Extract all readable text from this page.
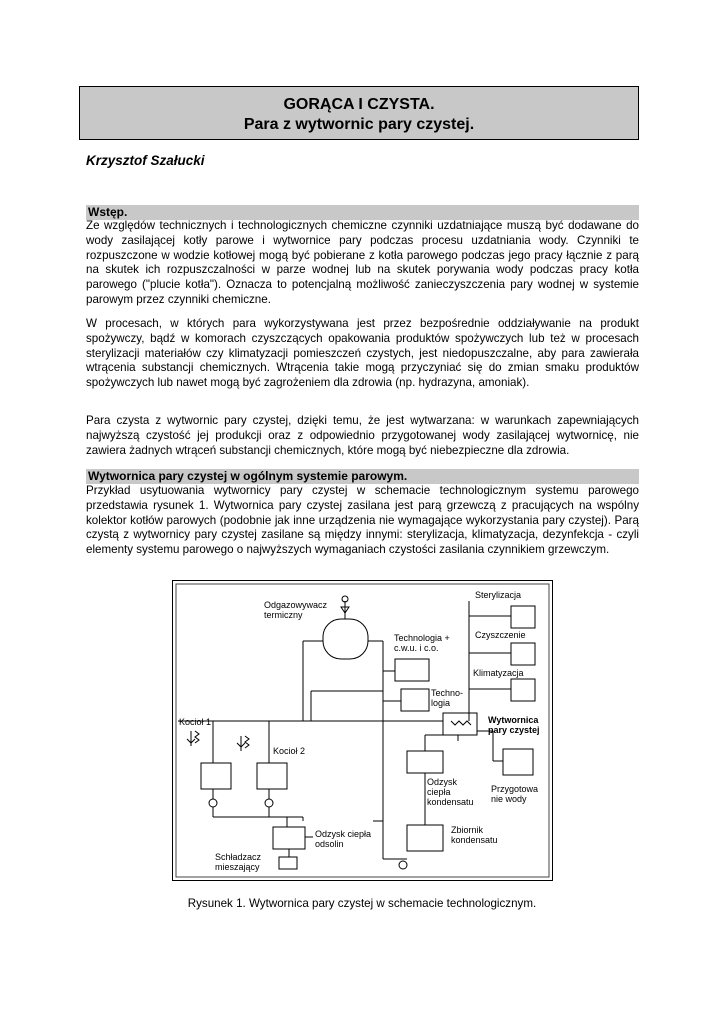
GORĄCA I CZYSTA.
Para z wytwornic pary czystej.
Krzysztof Szałucki
Wstęp.

Ze względów technicznych i technologicznych chemiczne czynniki uzdatniające muszą być dodawane do wody zasilającej kotły parowe i wytwornice pary podczas procesu uzdatniania wody. Czynniki te rozpuszczone w wodzie kotłowej mogą być pobierane z kotła parowego podczas jego pracy łącznie z parą na skutek ich rozpuszczalności w parze wodnej lub na skutek porywania wody podczas pracy kotła parowego ("plucie kotła"). Oznacza to potencjalną możliwość zanieczyszczenia pary wodnej w systemie parowym przez czynniki chemiczne.

W procesach, w których para wykorzystywana jest przez bezpośrednie oddziaływanie na produkt spożywczy, bądź w komorach czyszczących opakowania produktów spożywczych lub też w procesach sterylizacji materiałów czy klimatyzacji pomieszczeń czystych, jest niedopuszczalne, aby para zawierała wtrącenia substancji chemicznych. Wtrącenia takie mogą przyczyniać się do zmian smaku produktów spożywczych lub nawet mogą być zagrożeniem dla zdrowia (np. hydrazyna, amoniak).

Para czysta z wytwornic pary czystej, dzięki temu, że jest wytwarzana: w warunkach zapewniających najwyższą czystość jej produkcji oraz z odpowiednio przygotowanej wody zasilającej wytwornicę, nie zawiera żadnych wtrąceń substancji chemicznych, które mogą być niebezpieczne dla zdrowia.

Wytwornica pary czystej w ogólnym systemie parowym.

Przykład usytuowania wytwornicy pary czystej w schemacie technologicznym systemu parowego przedstawia rysunek 1. Wytwornica pary czystej zasilana jest parą grzewczą z pracujących na wspólny kolektor kotłów parowych (podobnie jak inne urządzenia nie wymagające wykorzystania pary czystej). Parą czystą z wytwornicy pary czystej zasilane są między innymi: sterylizacja, klimatyzacja, dezynfekcja - czyli elementy systemu parowego o najwyższych wymaganiach czystości zasilania czynnikiem grzewczym.

Odgazowywacz
termiczny
Sterylizacja
Czyszczenie
Technologia +
c.w.u. i c.o.
Klimatyzacja
Techno-
logia
Kocioł 1
Kocioł 2
Wytwornica
pary czystej
Odzysk
ciepła
kondensatu
Przygotowa
nie wody
Odzysk ciepła
odsolin
Zbiornik
kondensatu
Schładzacz
mieszający
Rysunek 1. Wytwornica pary czystej w schemacie technologicznym.
